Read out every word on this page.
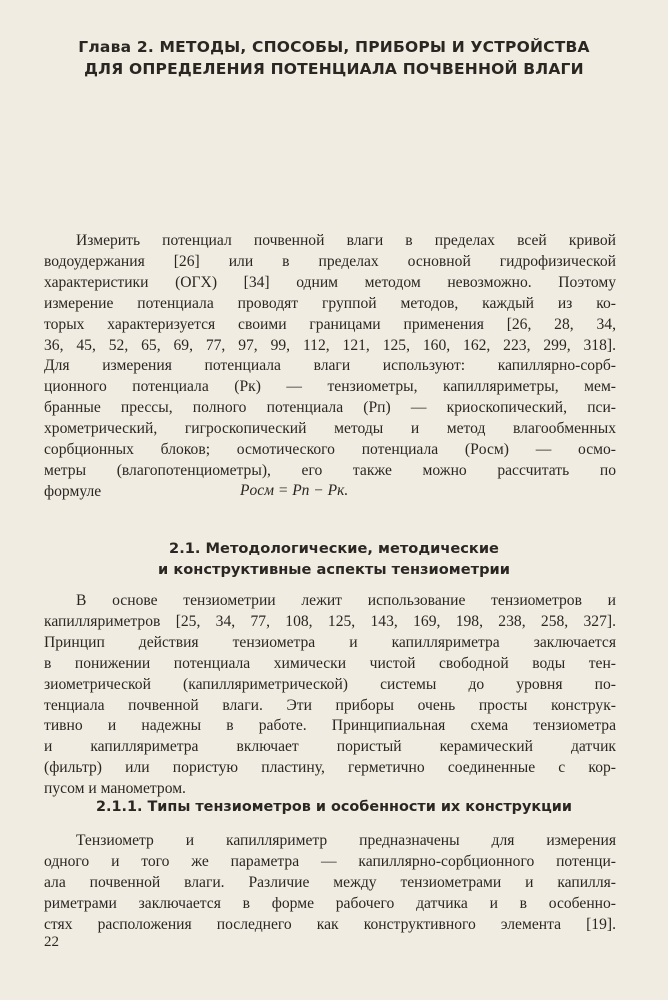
Глава 2. МЕТОДЫ, СПОСОБЫ, ПРИБОРЫ И УСТРОЙСТВА
ДЛЯ ОПРЕДЕЛЕНИЯ ПОТЕНЦИАЛА ПОЧВЕННОЙ ВЛАГИ
Измерить потенциал почвенной влаги в пределах всей кривой
водоудержания [26] или в пределах основной гидрофизической
характеристики (ОГХ) [34] одним методом невозможно. Поэтому
измерение потенциала проводят группой методов, каждый из ко-
торых характеризуется своими границами применения [26, 28, 34,
36, 45, 52, 65, 69, 77, 97, 99, 112, 121, 125, 160, 162, 223, 299, 318].
Для измерения потенциала влаги используют: капиллярно-сорб-
ционного потенциала (Pк) — тензиометры, капилляриметры, мем-
бранные прессы, полного потенциала (Pп) — криоскопический, пси-
хрометрический, гигроскопический методы и метод влагообменных
сорбционных блоков; осмотического потенциала (Pосм) — осмо-
метры (влагопотенциометры), его также можно рассчитать по
формуле	Pосм = Pп − Pк.
2.1. Методологические, методические
и конструктивные аспекты тензиометрии
В основе тензиометрии лежит использование тензиометров и
капилляриметров [25, 34, 77, 108, 125, 143, 169, 198, 238, 258, 327].
Принцип действия тензиометра и капилляриметра заключается
в понижении потенциала химически чистой свободной воды тен-
зиометрической (капилляриметрической) системы до уровня по-
тенциала почвенной влаги. Эти приборы очень просты конструк-
тивно и надежны в работе. Принципиальная схема тензиометра
и капилляриметра включает пористый керамический датчик
(фильтр) или пористую пластину, герметично соединенные с кор-
пусом и манометром.
2.1.1. Типы тензиометров и особенности их конструкции
Тензиометр и капилляриметр предназначены для измерения
одного и того же параметра — капиллярно-сорбционного потенци-
ала почвенной влаги. Различие между тензиометрами и капилля-
риметрами заключается в форме рабочего датчика и в особенно-
стях расположения последнего как конструктивного элемента [19].
22
